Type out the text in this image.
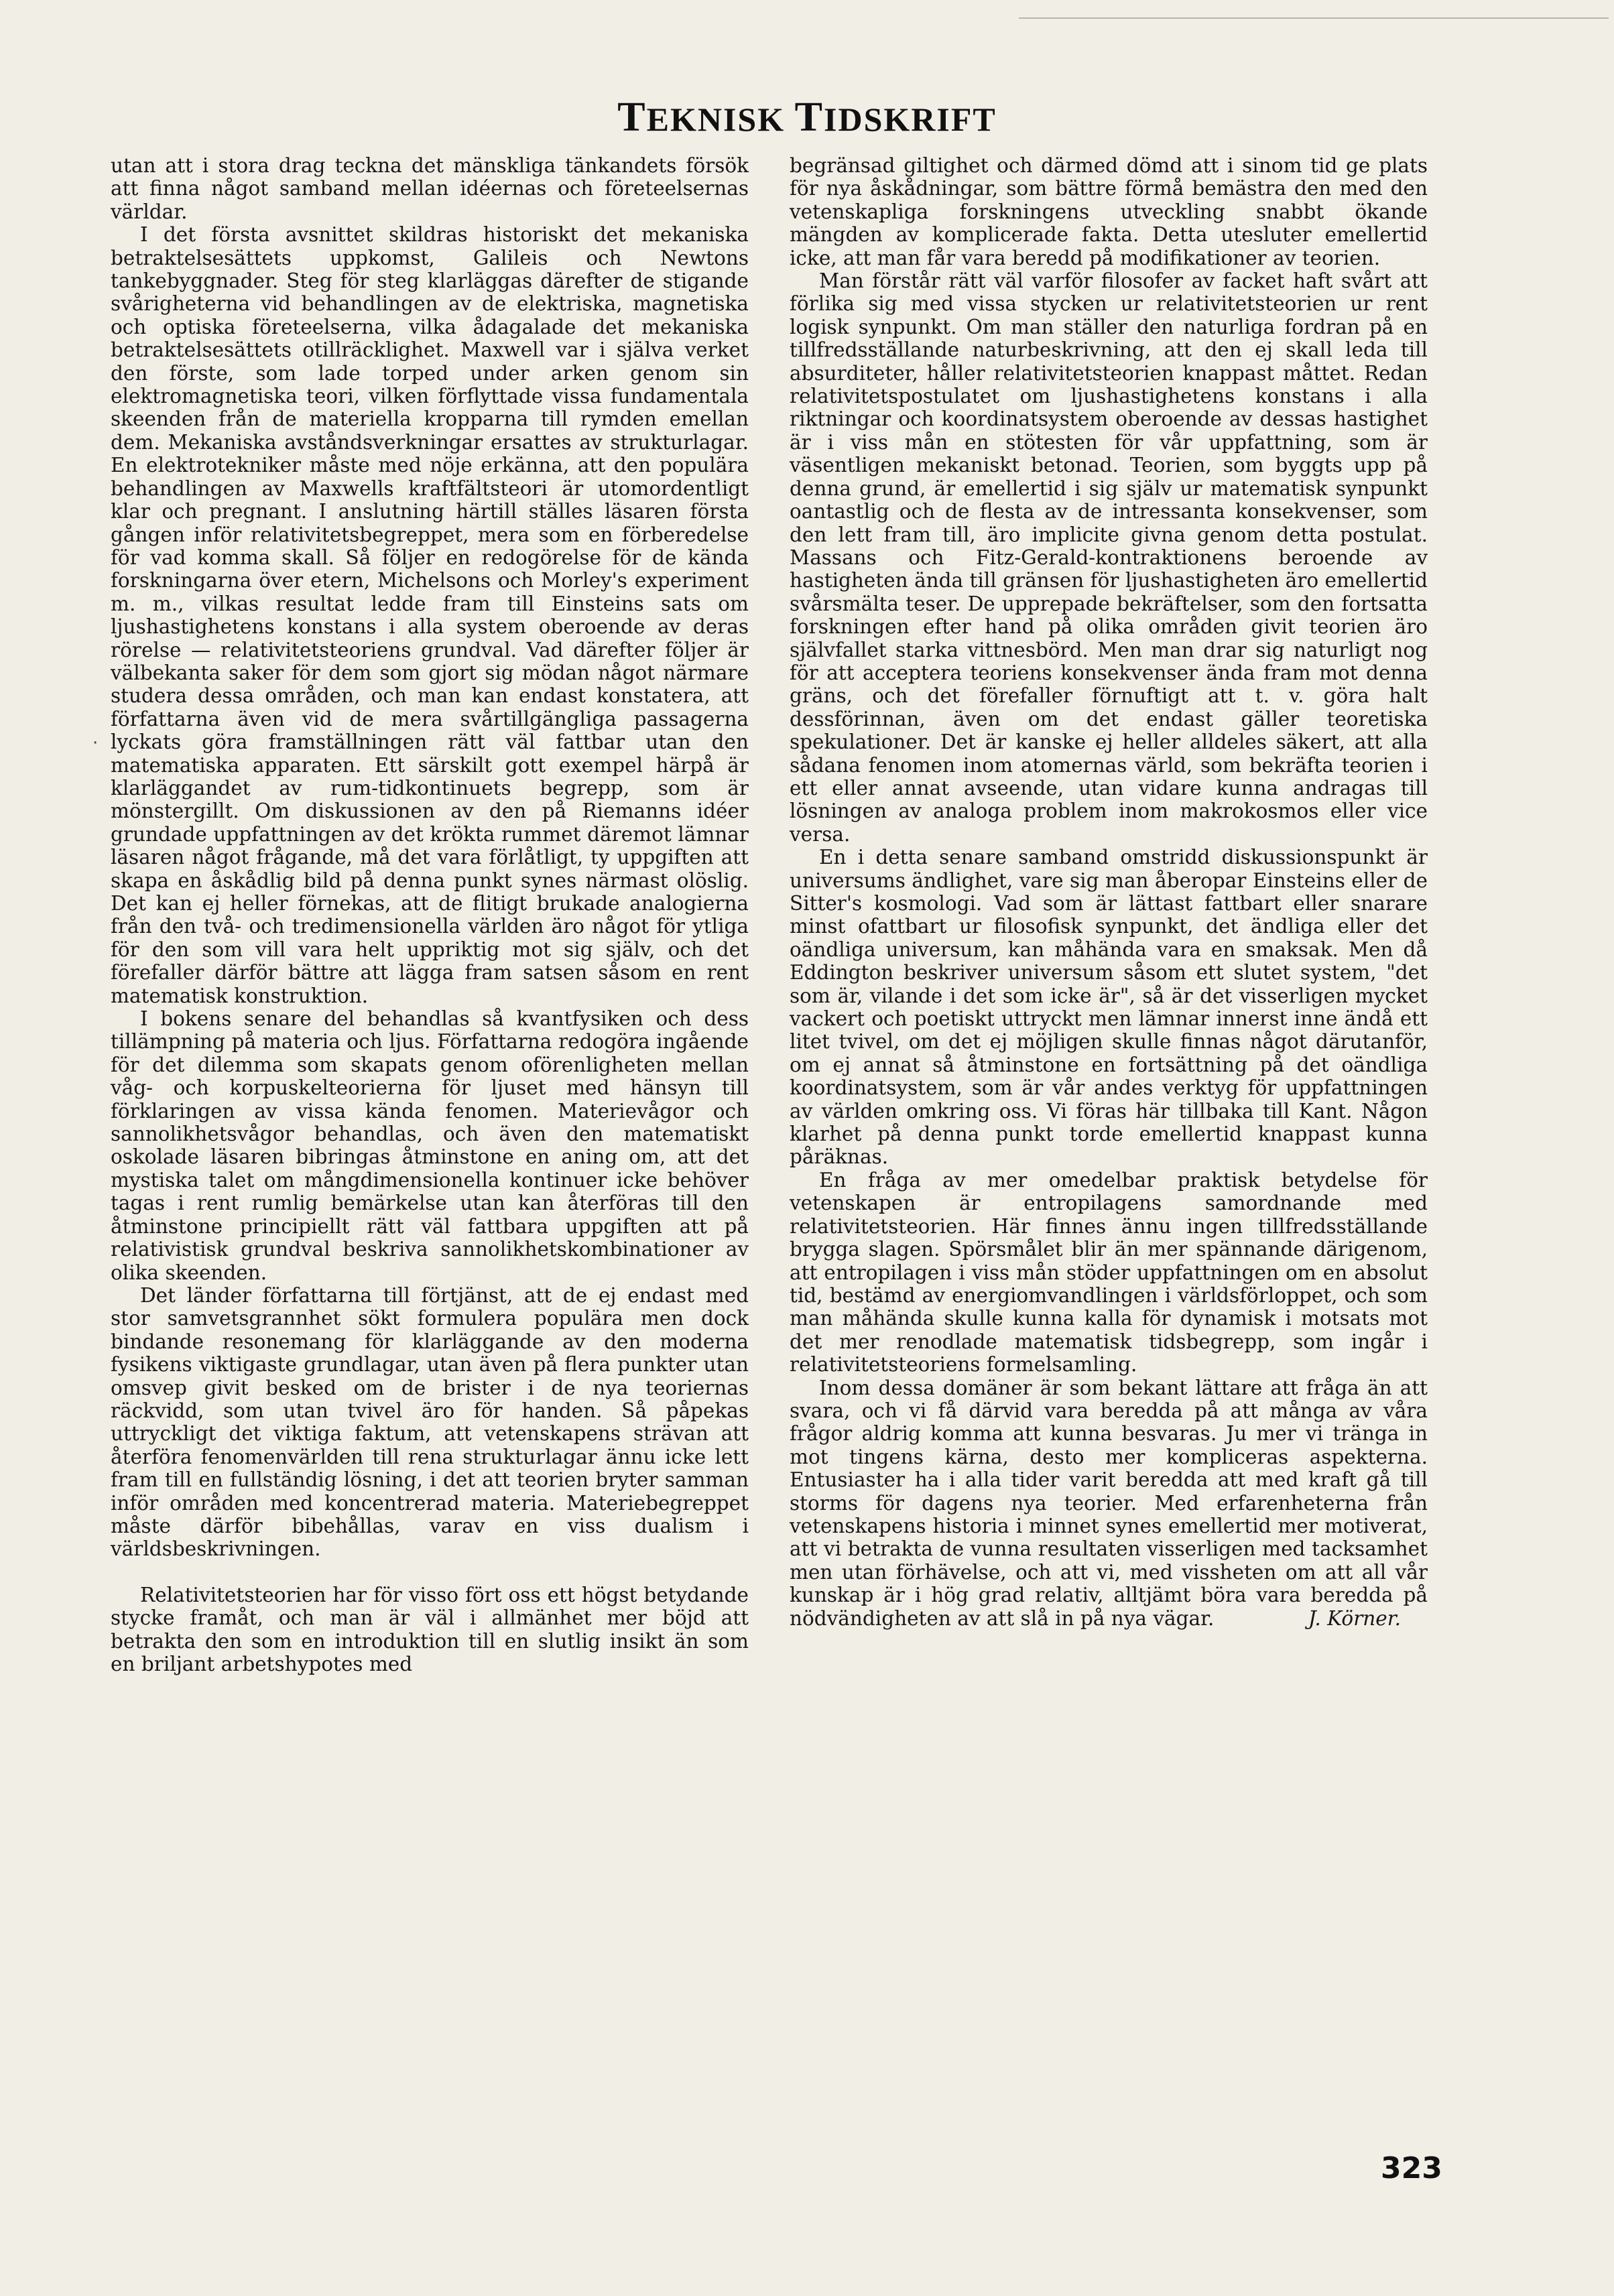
TEKNISK TIDSKRIFT

utan att i stora drag teckna det mänskliga tänkandets försök att finna något samband mellan idéernas och företeelsernas världar.

I det första avsnittet skildras historiskt det mekaniska betraktelsesättets uppkomst, Galileis och Newtons tankebyggnader. Steg för steg klarläggas därefter de stigande svårigheterna vid behandlingen av de elektriska, magnetiska och optiska företeelserna, vilka ådagalade det mekaniska betraktelsesättets otillräcklighet. Maxwell var i själva verket den förste, som lade torped under arken genom sin elektromagnetiska teori, vilken förflyttade vissa fundamentala skeenden från de materiella kropparna till rymden emellan dem. Mekaniska avståndsverkningar ersattes av strukturlagar. En elektrotekniker måste med nöje erkänna, att den populära behandlingen av Maxwells kraftfältsteori är utomordentligt klar och pregnant. I anslutning härtill ställes läsaren första gången inför relativitetsbegreppet, mera som en förberedelse för vad komma skall. Så följer en redogörelse för de kända forskningarna över etern, Michelsons och Morley's experiment m. m., vilkas resultat ledde fram till Einsteins sats om ljushastighetens konstans i alla system oberoende av deras rörelse — relativitetsteoriens grundval. Vad därefter följer är välbekanta saker för dem som gjort sig mödan något närmare studera dessa områden, och man kan endast konstatera, att författarna även vid de mera svårtillgängliga passagerna lyckats göra framställningen rätt väl fattbar utan den matematiska apparaten. Ett särskilt gott exempel härpå är klarläggandet av rum-tidkontinuets begrepp, som är mönstergillt. Om diskussionen av den på Riemanns idéer grundade uppfattningen av det krökta rummet däremot lämnar läsaren något frågande, må det vara förlåtligt, ty uppgiften att skapa en åskådlig bild på denna punkt synes närmast olöslig. Det kan ej heller förnekas, att de flitigt brukade analogierna från den två- och tredimensionella världen äro något för ytliga för den som vill vara helt uppriktig mot sig själv, och det förefaller därför bättre att lägga fram satsen såsom en rent matematisk konstruktion.

I bokens senare del behandlas så kvantfysiken och dess tillämpning på materia och ljus. Författarna redogöra ingående för det dilemma som skapats genom oförenligheten mellan våg- och korpuskelteorierna för ljuset med hänsyn till förklaringen av vissa kända fenomen. Materievågor och sannolikhetsvågor behandlas, och även den matematiskt oskolade läsaren bibringas åtminstone en aning om, att det mystiska talet om mångdimensionella kontinuer icke behöver tagas i rent rumlig bemärkelse utan kan återföras till den åtminstone principiellt rätt väl fattbara uppgiften att på relativistisk grundval beskriva sannolikhetskombinationer av olika skeenden.

Det länder författarna till förtjänst, att de ej endast med stor samvetsgrannhet sökt formulera populära men dock bindande resonemang för klarläggande av den moderna fysikens viktigaste grundlagar, utan även på flera punkter utan omsvep givit besked om de brister i de nya teoriernas räckvidd, som utan tvivel äro för handen. Så påpekas uttryckligt det viktiga faktum, att vetenskapens strävan att återföra fenomenvärlden till rena strukturlagar ännu icke lett fram till en fullständig lösning, i det att teorien bryter samman inför områden med koncentrerad materia. Materiebegreppet måste därför bibehållas, varav en viss dualism i världsbeskrivningen.

Relativitetsteorien har för visso fört oss ett högst betydande stycke framåt, och man är väl i allmänhet mer böjd att betrakta den som en introduktion till en slutlig insikt än som en briljant arbetshypotes med

begränsad giltighet och därmed dömd att i sinom tid ge plats för nya åskådningar, som bättre förmå bemästra den med den vetenskapliga forskningens utveckling snabbt ökande mängden av komplicerade fakta. Detta utesluter emellertid icke, att man får vara beredd på modifikationer av teorien.

Man förstår rätt väl varför filosofer av facket haft svårt att förlika sig med vissa stycken ur relativitetsteorien ur rent logisk synpunkt. Om man ställer den naturliga fordran på en tillfredsställande naturbeskrivning, att den ej skall leda till absurditeter, håller relativitetsteorien knappast måttet. Redan relativitetspostulatet om ljushastighetens konstans i alla riktningar och koordinatsystem oberoende av dessas hastighet är i viss mån en stötesten för vår uppfattning, som är väsentligen mekaniskt betonad. Teorien, som byggts upp på denna grund, är emellertid i sig själv ur matematisk synpunkt oantastlig och de flesta av de intressanta konsekvenser, som den lett fram till, äro implicite givna genom detta postulat. Massans och Fitz-Gerald-kontraktionens beroende av hastigheten ända till gränsen för ljushastigheten äro emellertid svårsmälta teser. De upprepade bekräftelser, som den fortsatta forskningen efter hand på olika områden givit teorien äro självfallet starka vittnesbörd. Men man drar sig naturligt nog för att acceptera teoriens konsekvenser ända fram mot denna gräns, och det förefaller förnuftigt att t. v. göra halt dessförinnan, även om det endast gäller teoretiska spekulationer. Det är kanske ej heller alldeles säkert, att alla sådana fenomen inom atomernas värld, som bekräfta teorien i ett eller annat avseende, utan vidare kunna andragas till lösningen av analoga problem inom makrokosmos eller vice versa.

En i detta senare samband omstridd diskussionspunkt är universums ändlighet, vare sig man åberopar Einsteins eller de Sitter's kosmologi. Vad som är lättast fattbart eller snarare minst ofattbart ur filosofisk synpunkt, det ändliga eller det oändliga universum, kan måhända vara en smaksak. Men då Eddington beskriver universum såsom ett slutet system, "det som är, vilande i det som icke är", så är det visserligen mycket vackert och poetiskt uttryckt men lämnar innerst inne ändå ett litet tvivel, om det ej möjligen skulle finnas något därutanför, om ej annat så åtminstone en fortsättning på det oändliga koordinatsystem, som är vår andes verktyg för uppfattningen av världen omkring oss. Vi föras här tillbaka till Kant. Någon klarhet på denna punkt torde emellertid knappast kunna påräknas.

En fråga av mer omedelbar praktisk betydelse för vetenskapen är entropilagens samordnande med relativitetsteorien. Här finnes ännu ingen tillfredsställande brygga slagen. Spörsmålet blir än mer spännande därigenom, att entropilagen i viss mån stöder uppfattningen om en absolut tid, bestämd av energiomvandlingen i världsförloppet, och som man måhända skulle kunna kalla för dynamisk i motsats mot det mer renodlade matematisk tidsbegrepp, som ingår i relativitetsteoriens formelsamling.

Inom dessa domäner är som bekant lättare att fråga än att svara, och vi få därvid vara beredda på att många av våra frågor aldrig komma att kunna besvaras. Ju mer vi tränga in mot tingens kärna, desto mer kompliceras aspekterna. Entusiaster ha i alla tider varit beredda att med kraft gå till storms för dagens nya teorier. Med erfarenheterna från vetenskapens historia i minnet synes emellertid mer motiverat, att vi betrakta de vunna resultaten visserligen med tacksamhet men utan förhävelse, och att vi, med vissheten om att all vår kunskap är i hög grad relativ, alltjämt böra vara beredda på nödvändigheten av att slå in på nya vägar.	J. Körner.

·
323
